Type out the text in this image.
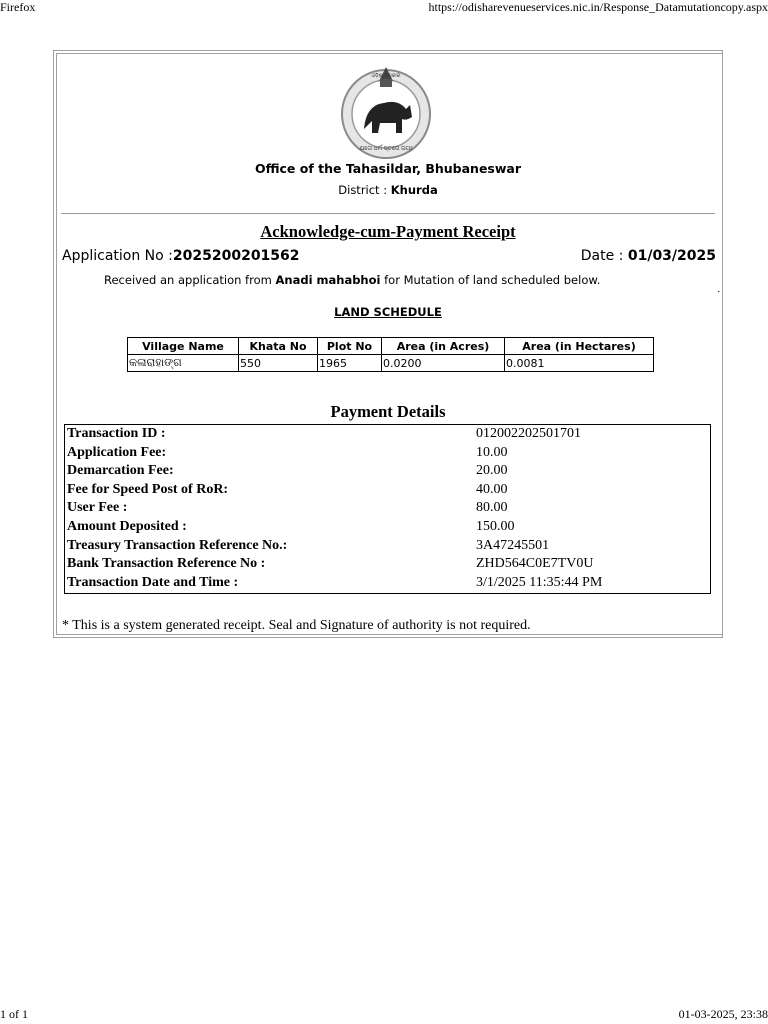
Firefox	https://odisharevenueservices.nic.in/Response_Datamutationcopy.aspx
ଯତୋ ଧର୍ମ ସ୍ତତୋ ଜୟଃ
ଓଡ଼ିଶା ସରକାର
Office of the Tahasildar, Bhubaneswar
District : Khurda
Acknowledge-cum-Payment Receipt
Application No :2025200201562	Date : 01/03/2025
Received an application from Anadi mahabhoi for Mutation of land scheduled below.
.
LAND SCHEDULE
Village Name	Khata No	Plot No	Area (in Acres)	Area (in Hectares)
କଳାରାହାଙ୍ଗ	550	1965	0.0200	0.0081
Payment Details
Transaction ID :	012002202501701
Application Fee:	10.00
Demarcation Fee:	20.00
Fee for Speed Post of RoR:	40.00
User Fee :	80.00
Amount Deposited :	150.00
Treasury Transaction Reference No.:	3A47245501
Bank Transaction Reference No :	ZHD564C0E7TV0U
Transaction Date and Time :	3/1/2025 11:35:44 PM
* This is a system generated receipt. Seal and Signature of authority is not required.
1 of 1	01-03-2025, 23:38
